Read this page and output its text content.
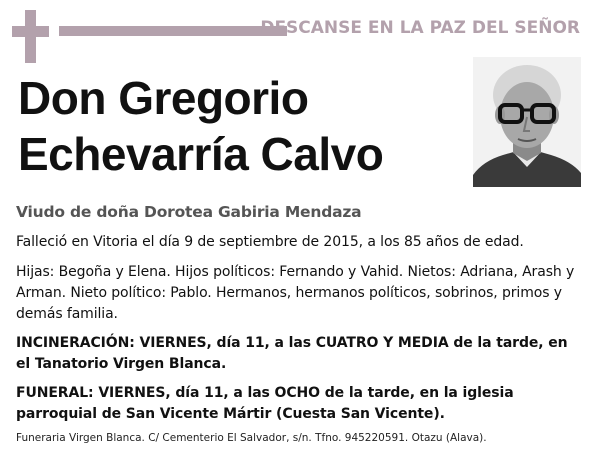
DESCANSE EN LA PAZ DEL SEÑOR
Don Gregorio
Echevarría Calvo
Viudo de doña Dorotea Gabiria Mendaza

Falleció en Vitoria el día 9 de septiembre de 2015, a los 85 años de edad.

Hijas: Begoña y Elena. Hijos políticos: Fernando y Vahid. Nietos: Adriana, Arash y Arman. Nieto político: Pablo. Hermanos, hermanos políticos, sobrinos, primos y demás familia.

INCINERACIÓN: VIERNES, día 11, a las CUATRO Y MEDIA de la tarde, en el Tanatorio Virgen Blanca.

FUNERAL: VIERNES, día 11, a las OCHO de la tarde, en la iglesia parroquial de San Vicente Mártir (Cuesta San Vicente).

Funeraria Virgen Blanca. C/ Cementerio El Salvador, s/n. Tfno. 945220591. Otazu (Alava).
